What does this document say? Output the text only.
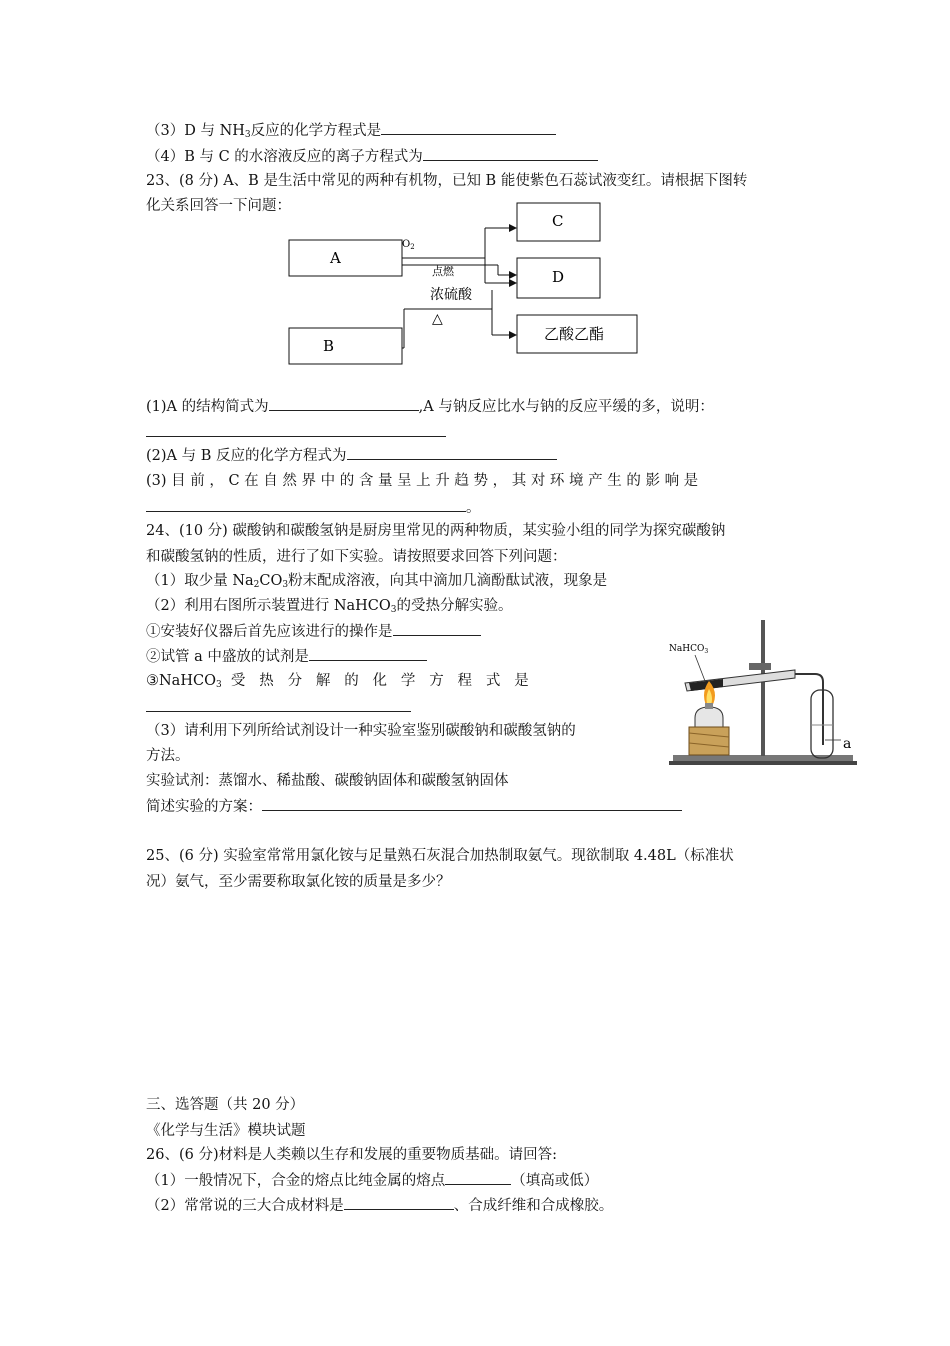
（3）D 与 $NH_3$反应的化学方程式是
（4）B 与 C 的水溶液反应的离子方程式为
23、(8 分) A、B 是生活中常见的两种有机物，已知 B 能使紫色石蕊试液变红。请根据下图转
化关系回答一下问题：
A
B
C
D
乙酸乙酯
$O_2$
点燃
浓硫酸
△
(1)A 的结构简式为	,A 与钠反应比水与钠的反应平缓的多，说明：
(2)A 与 B 反应的化学方程式为
(3) 目 前 ， C 在 自 然 界 中 的 含 量 呈 上 升 趋 势 ， 其 对 环 境 产 生 的 影 响 是
。
24、(10 分) 碳酸钠和碳酸氢钠是厨房里常见的两种物质，某实验小组的同学为探究碳酸钠
和碳酸氢钠的性质，进行了如下实验。请按照要求回答下列问题：
（1）取少量 $Na_2CO_3$粉末配成溶液，向其中滴加几滴酚酞试液，现象是
（2）利用右图所示装置进行 NaHCO$_3$的受热分解实验。
①安装好仪器后首先应该进行的操作是
②试管 a 中盛放的试剂是
③NaHCO$_3$  受   热   分   解   的   化   学   方   程   式   是
（3）请利用下列所给试剂设计一种实验室鉴别碳酸钠和碳酸氢钠的
方法。
实验试剂：蒸馏水、稀盐酸、碳酸钠固体和碳酸氢钠固体
简述实验的方案：
NaHCO$_3$
a
25、(6 分) 实验室常常用氯化铵与足量熟石灰混合加热制取氨气。现欲制取 4.48L（标准状
况）氨气，至少需要称取氯化铵的质量是多少？
三、选答题（共 20 分）
《化学与生活》模块试题
26、(6 分)材料是人类赖以生存和发展的重要物质基础。请回答:
（1）一般情况下，合金的熔点比纯金属的熔点	（填高或低）
（2）常常说的三大合成材料是	、合成纤维和合成橡胶。
